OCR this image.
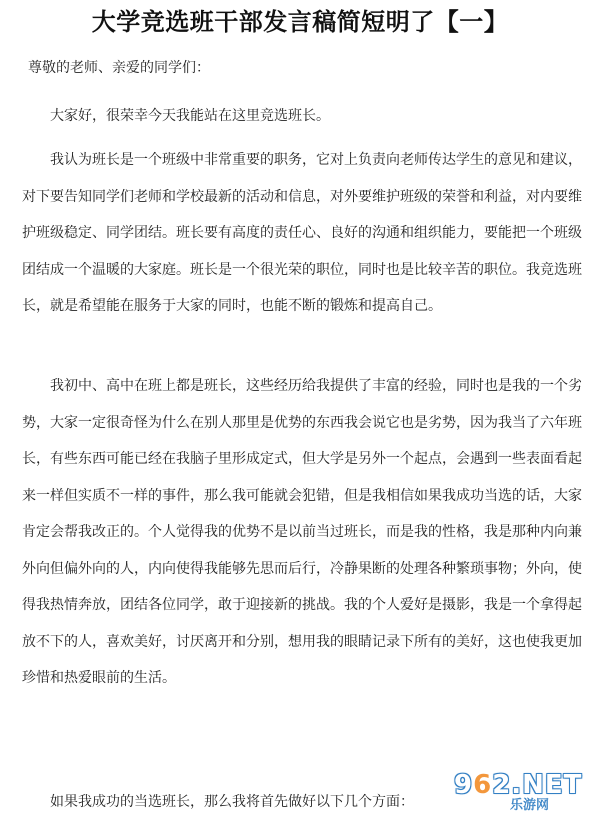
大学竞选班干部发言稿简短明了【一】
尊敬的老师、亲爱的同学们：
大家好，很荣幸今天我能站在这里竞选班长。
我认为班长是一个班级中非常重要的职务，它对上负责向老师传达学生的意见和建议，
对下要告知同学们老师和学校最新的活动和信息，对外要维护班级的荣誉和利益，对内要维
护班级稳定、同学团结。班长要有高度的责任心、良好的沟通和组织能力，要能把一个班级
团结成一个温暖的大家庭。班长是一个很光荣的职位，同时也是比较辛苦的职位。我竞选班
长，就是希望能在服务于大家的同时，也能不断的锻炼和提高自己。
我初中、高中在班上都是班长，这些经历给我提供了丰富的经验，同时也是我的一个劣
势，大家一定很奇怪为什么在别人那里是优势的东西我会说它也是劣势，因为我当了六年班
长，有些东西可能已经在我脑子里形成定式，但大学是另外一个起点，会遇到一些表面看起
来一样但实质不一样的事件，那么我可能就会犯错，但是我相信如果我成功当选的话，大家
肯定会帮我改正的。个人觉得我的优势不是以前当过班长，而是我的性格，我是那种内向兼
外向但偏外向的人，内向使得我能够先思而后行，冷静果断的处理各种繁琐事物；外向，使
得我热情奔放，团结各位同学，敢于迎接新的挑战。我的个人爱好是摄影，我是一个拿得起
放不下的人，喜欢美好，讨厌离开和分别，想用我的眼睛记录下所有的美好，这也使我更加
珍惜和热爱眼前的生活。
如果我成功的当选班长，那么我将首先做好以下几个方面：
962.NET
乐游网
